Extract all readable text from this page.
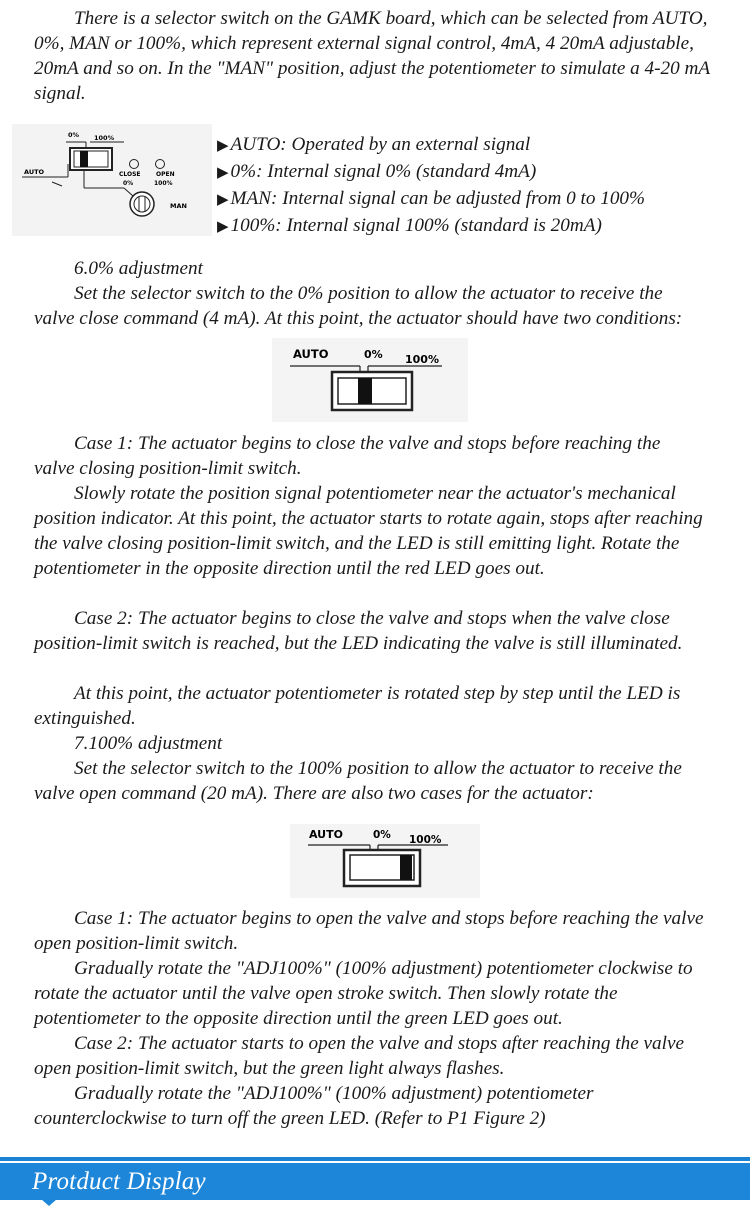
There is a selector switch on the GAMK board, which can be selected from AUTO, 0%, MAN or 100%, which represent external signal control, 4mA, 4 20mA adjustable, 20mA and so on. In the "MAN" position, adjust the potentiometer to simulate a 4-20 mA signal.

0% 100%
AUTO	CLOSE	OPEN
0%	100%
MAN
▶ AUTO: Operated by an external signal
▶ 0%: Internal signal 0% (standard 4mA)
▶ MAN: Internal signal can be adjusted from 0 to 100%
▶ 100%: Internal signal 100% (standard is 20mA)

6.0% adjustment

Set the selector switch to the 0% position to allow the actuator to receive the valve close command (4 mA). At this point, the actuator should have two conditions:

AUTO	0% 100%

Case 1: The actuator begins to close the valve and stops before reaching the valve closing position-limit switch.

Slowly rotate the position signal potentiometer near the actuator's mechanical position indicator. At this point, the actuator starts to rotate again, stops after reaching the valve closing position-limit switch, and the LED is still emitting light. Rotate the potentiometer in the opposite direction until the red LED goes out.

Case 2: The actuator begins to close the valve and stops when the valve close position-limit switch is reached, but the LED indicating the valve is still illuminated.

At this point, the actuator potentiometer is rotated step by step until the LED is extinguished.

7.100% adjustment

Set the selector switch to the 100% position to allow the actuator to receive the valve open command (20 mA). There are also two cases for the actuator:

AUTO	0% 100%

Case 1: The actuator begins to open the valve and stops before reaching the valve open position-limit switch.

Gradually rotate the "ADJ100%" (100% adjustment) potentiometer clockwise to rotate the actuator until the valve open stroke switch. Then slowly rotate the potentiometer to the opposite direction until the green LED goes out.

Case 2: The actuator starts to open the valve and stops after reaching the valve open position-limit switch, but the green light always flashes.

Gradually rotate the "ADJ100%" (100% adjustment) potentiometer counterclockwise to turn off the green LED. (Refer to P1 Figure 2)

Protduct Display
